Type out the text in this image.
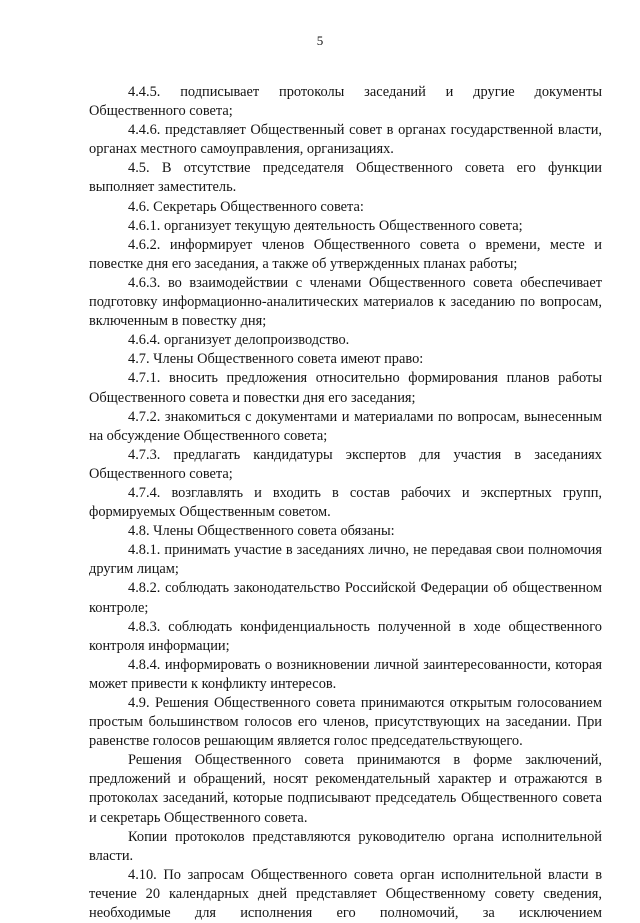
5

4.4.5. подписывает протоколы заседаний и другие документы Общественного совета;

4.4.6. представляет Общественный совет в органах государственной власти, органах местного самоуправления, организациях.

4.5. В отсутствие председателя Общественного совета его функции выполняет заместитель.

4.6. Секретарь Общественного совета:

4.6.1. организует текущую деятельность Общественного совета;

4.6.2. информирует членов Общественного совета о времени, месте и повестке дня его заседания, а также об утвержденных планах работы;

4.6.3. во взаимодействии с членами Общественного совета обеспечивает подготовку информационно-аналитических материалов к заседанию по вопросам, включенным в повестку дня;

4.6.4. организует делопроизводство.

4.7. Члены Общественного совета имеют право:

4.7.1. вносить предложения относительно формирования планов работы Общественного совета и повестки дня его заседания;

4.7.2. знакомиться с документами и материалами по вопросам, вынесенным на обсуждение Общественного совета;

4.7.3. предлагать кандидатуры экспертов для участия в заседаниях Общественного совета;

4.7.4. возглавлять и входить в состав рабочих и экспертных групп, формируемых Общественным советом.

4.8. Члены Общественного совета обязаны:

4.8.1. принимать участие в заседаниях лично, не передавая свои полномочия другим лицам;

4.8.2. соблюдать законодательство Российской Федерации об общественном контроле;

4.8.3. соблюдать конфиденциальность полученной в ходе общественного контроля информации;

4.8.4. информировать о возникновении личной заинтересованности, которая может привести к конфликту интересов.

4.9. Решения Общественного совета принимаются открытым голосованием простым большинством голосов его членов, присутствующих на заседании. При равенстве голосов решающим является голос председательствующего.

Решения Общественного совета принимаются в форме заключений, предложений и обращений, носят рекомендательный характер и отражаются в протоколах заседаний, которые подписывают председатель Общественного совета и секретарь Общественного совета.

Копии протоколов представляются руководителю органа исполнительной власти.

4.10. По запросам Общественного совета орган исполнительной власти в течение 20 календарных дней представляет Общественному совету сведения, необходимые для исполнения его полномочий, за исключением
